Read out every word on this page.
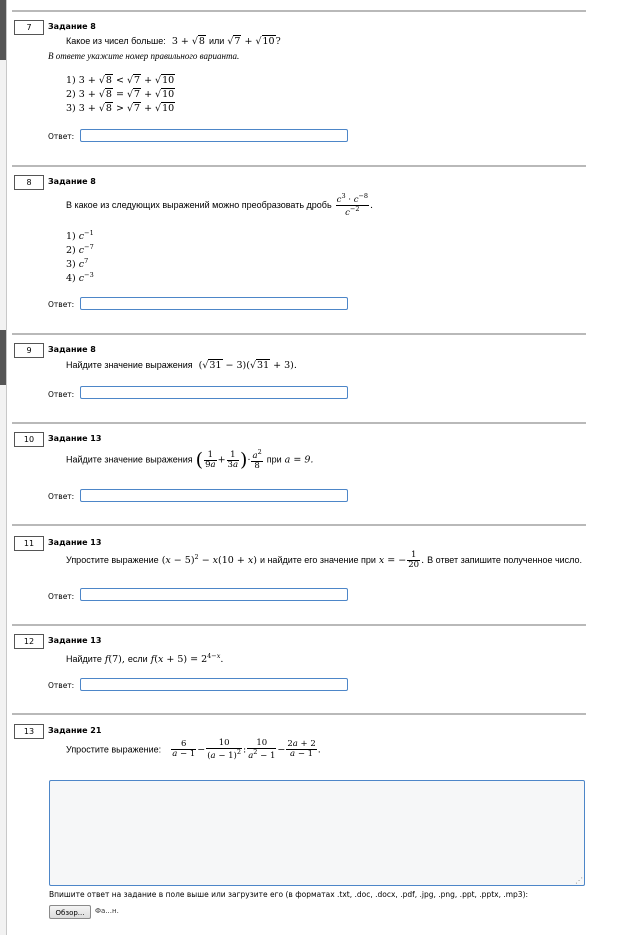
7	Задание 8
Какое из чисел больше:  3 + √8 или √7 + √10?
В ответе укажите номер правильного варианта.
1) 3 + √8 < √7 + √10
2) 3 + √8 = √7 + √10
3) 3 + √8 > √7 + √10
Ответ:
8	Задание 8
В какое из следующих выражений можно преобразовать дробь $\frac{c^3 \cdot c^{-8}}{c^{-2}}$ .
1) $c^{-1}$
2) $c^{-7}$
3) $c^7$
4) $c^{-3}$
Ответ:
9	Задание 8
Найдите значение выражения  (√31 − 3)(√31 + 3).
Ответ:
10	Задание 13
Найдите значение выражения ( $\frac{1}{9a} + \frac{1}{3a}$ )· $\frac{a^2}{8}$ при a = 9.
Ответ:
11	Задание 13
Упростите выражение $(x - 5)^2 - x(10 + x)$ и найдите его значение при x = − $\frac{1}{20}$ . В ответ запишите полученное число.
Ответ:
12	Задание 13
Найдите f(7), если $f(x + 5) = 2^{4-x}$.
Ответ:
13	Задание 21
Упростите выражение: $\frac{6}{a - 1} - \frac{10}{(a - 1)^2}$ : $\frac{10}{a^2 - 1} - \frac{2a + 2}{a - 1}$ .
⋰
Впишите ответ на задание в поле выше или загрузите его (в форматах .txt, .doc, .docx, .pdf, .jpg, .png, .ppt, .pptx, .mp3):
Обзор...	Фа...н.
